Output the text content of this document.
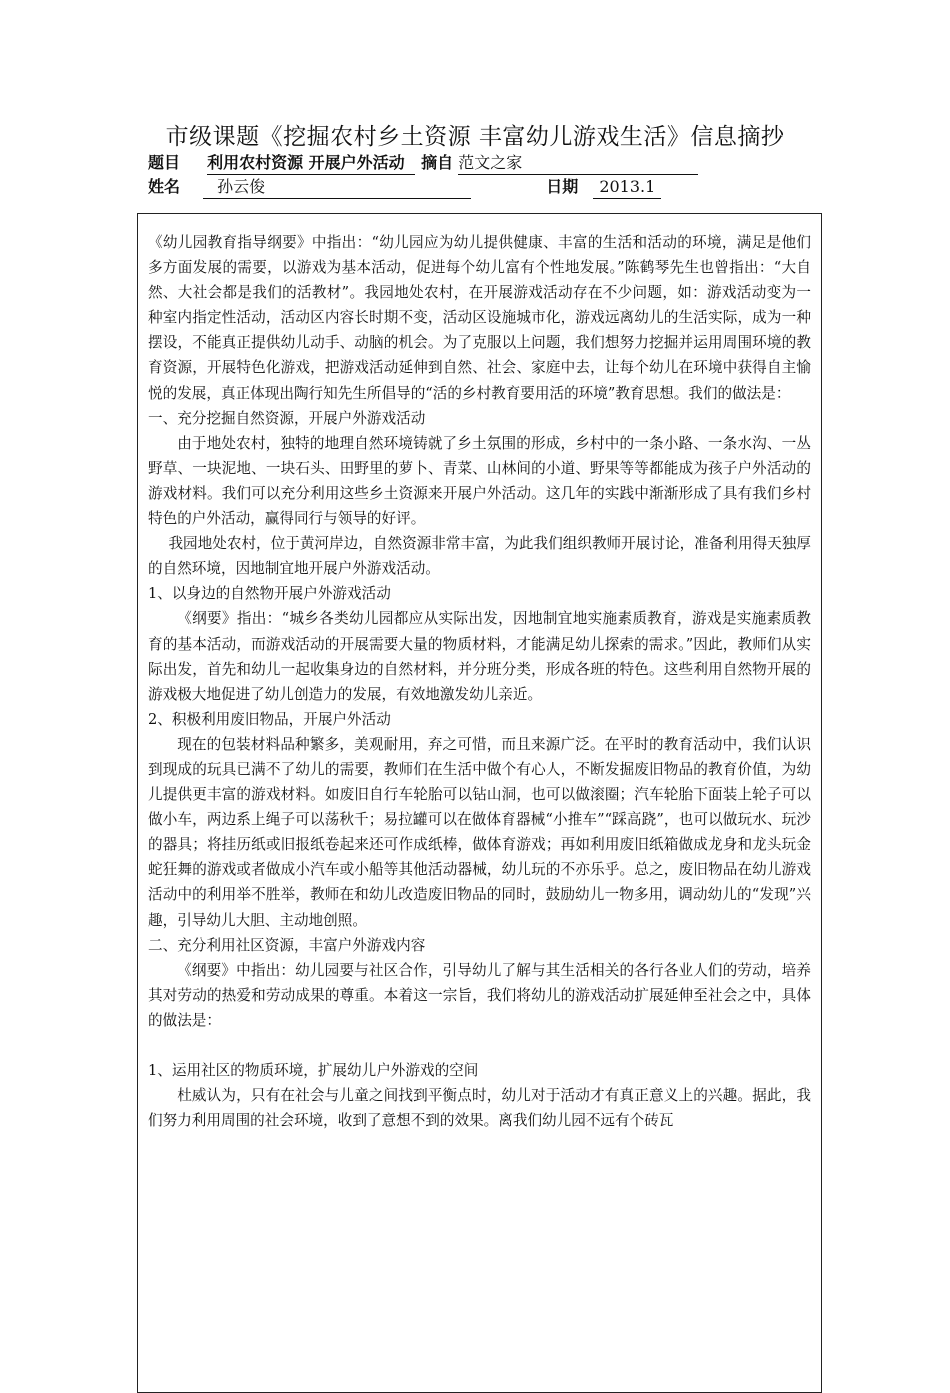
市级课题《挖掘农村乡土资源 丰富幼儿游戏生活》信息摘抄
题目 利用农村资源 开展户外活动 摘自 范文之家
姓名 孙云俊	日期 2013.1

《幼儿园教育指导纲要》中指出：“幼儿园应为幼儿提供健康、丰富的生活和活动的环境，满足是他们多方面发展的需要，以游戏为基本活动，促进每个幼儿富有个性地发展。”陈鹤琴先生也曾指出：“大自然、大社会都是我们的活教材”。我园地处农村，在开展游戏活动存在不少问题，如：游戏活动变为一种室内指定性活动，活动区内容长时期不变，活动区设施城市化，游戏远离幼儿的生活实际，成为一种摆设，不能真正提供幼儿动手、动脑的机会。为了克服以上问题，我们想努力挖掘并运用周围环境的教育资源，开展特色化游戏，把游戏活动延伸到自然、社会、家庭中去，让每个幼儿在环境中获得自主愉悦的发展，真正体现出陶行知先生所倡导的“活的乡村教育要用活的环境”教育思想。我们的做法是：

一、充分挖掘自然资源，开展户外游戏活动

由于地处农村，独特的地理自然环境铸就了乡土氛围的形成，乡村中的一条小路、一条水沟、一丛野草、一块泥地、一块石头、田野里的萝卜、青菜、山林间的小道、野果等等都能成为孩子户外活动的游戏材料。我们可以充分利用这些乡土资源来开展户外活动。这几年的实践中渐渐形成了具有我们乡村特色的户外活动，赢得同行与领导的好评。

我园地处农村，位于黄河岸边，自然资源非常丰富，为此我们组织教师开展讨论，准备利用得天独厚的自然环境，因地制宜地开展户外游戏活动。

1、以身边的自然物开展户外游戏活动

《纲要》指出：“城乡各类幼儿园都应从实际出发，因地制宜地实施素质教育，游戏是实施素质教育的基本活动，而游戏活动的开展需要大量的物质材料，才能满足幼儿探索的需求。”因此，教师们从实际出发，首先和幼儿一起收集身边的自然材料，并分班分类，形成各班的特色。这些利用自然物开展的游戏极大地促进了幼儿创造力的发展，有效地激发幼儿亲近。

2、积极利用废旧物品，开展户外活动

现在的包装材料品种繁多，美观耐用，弃之可惜，而且来源广泛。在平时的教育活动中，我们认识到现成的玩具已满不了幼儿的需要，教师们在生活中做个有心人，不断发掘废旧物品的教育价值，为幼儿提供更丰富的游戏材料。如废旧自行车轮胎可以钻山洞，也可以做滚圈；汽车轮胎下面装上轮子可以做小车，两边系上绳子可以荡秋千；易拉罐可以在做体育器械“小推车”“踩高跷”，也可以做玩水、玩沙的器具；将挂历纸或旧报纸卷起来还可作成纸棒，做体育游戏；再如利用废旧纸箱做成龙身和龙头玩金蛇狂舞的游戏或者做成小汽车或小船等其他活动器械，幼儿玩的不亦乐乎。总之，废旧物品在幼儿游戏活动中的利用举不胜举，教师在和幼儿改造废旧物品的同时，鼓励幼儿一物多用，调动幼儿的“发现”兴趣，引导幼儿大胆、主动地创照。

二、充分利用社区资源，丰富户外游戏内容

《纲要》中指出：幼儿园要与社区合作，引导幼儿了解与其生活相关的各行各业人们的劳动，培养其对劳动的热爱和劳动成果的尊重。本着这一宗旨，我们将幼儿的游戏活动扩展延伸至社会之中，具体的做法是：

1、运用社区的物质环境，扩展幼儿户外游戏的空间

杜威认为，只有在社会与儿童之间找到平衡点时，幼儿对于活动才有真正意义上的兴趣。据此，我们努力利用周围的社会环境，收到了意想不到的效果。离我们幼儿园不远有个砖瓦
